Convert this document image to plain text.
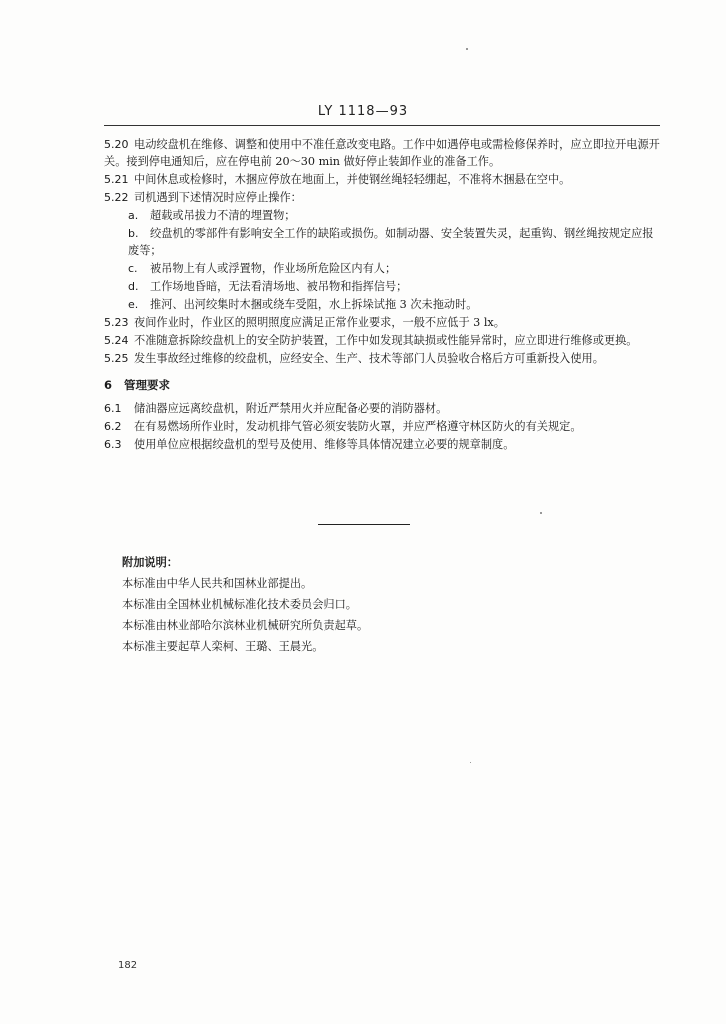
LY 1118—93

5.20 电动绞盘机在维修、调整和使用中不准任意改变电路。工作中如遇停电或需检修保养时，应立即拉开电源开关。接到停电通知后，应在停电前 20～30 min 做好停止装卸作业的准备工作。

5.21 中间休息或检修时，木捆应停放在地面上，并使钢丝绳轻轻绷起，不准将木捆悬在空中。

5.22 司机遇到下述情况时应停止操作：

a. 超载或吊拔力不清的埋置物；

b. 绞盘机的零部件有影响安全工作的缺陷或损伤。如制动器、安全装置失灵，起重钩、钢丝绳按规定应报废等；

c. 被吊物上有人或浮置物，作业场所危险区内有人；

d. 工作场地昏暗，无法看清场地、被吊物和指挥信号；

e. 推河、出河绞集时木捆或绕车受阻，水上拆垛试拖 3 次未拖动时。

5.23 夜间作业时，作业区的照明照度应满足正常作业要求，一般不应低于 3 lx。

5.24 不准随意拆除绞盘机上的安全防护装置，工作中如发现其缺损或性能异常时，应立即进行维修或更换。

5.25 发生事故经过维修的绞盘机，应经安全、生产、技术等部门人员验收合格后方可重新投入使用。

6 管理要求

6.1 储油器应远离绞盘机，附近严禁用火并应配备必要的消防器材。

6.2 在有易燃场所作业时，发动机排气管必须安装防火罩，并应严格遵守林区防火的有关规定。

6.3 使用单位应根据绞盘机的型号及使用、维修等具体情况建立必要的规章制度。

附加说明：
本标准由中华人民共和国林业部提出。
本标准由全国林业机械标准化技术委员会归口。
本标准由林业部哈尔滨林业机械研究所负责起草。
本标准主要起草人栾柯、王璐、王晨光。
182
